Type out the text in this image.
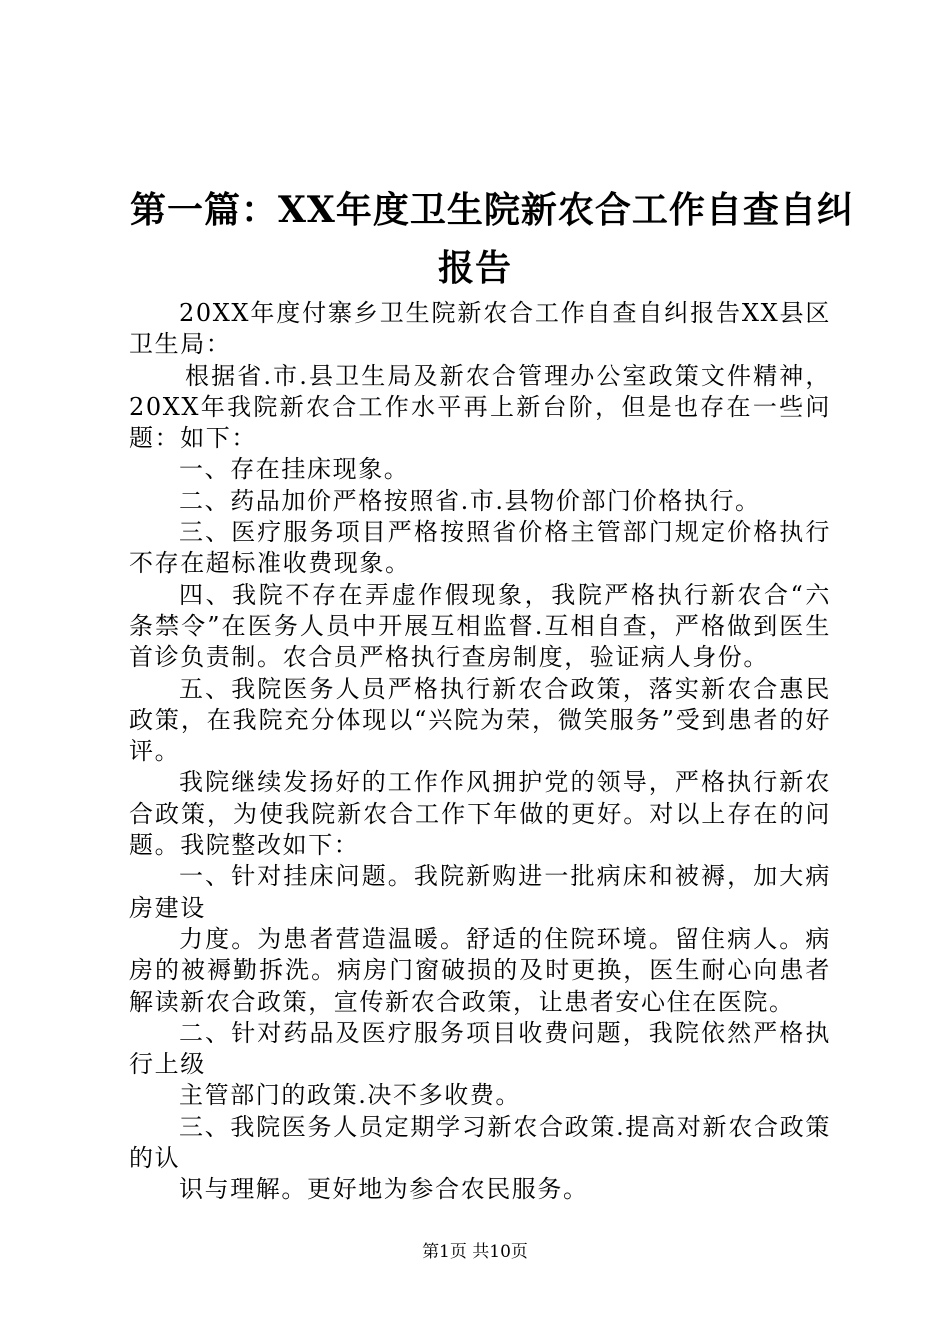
第一篇：XX年度卫生院新农合工作自查自纠
报告

20XX年度付寨乡卫生院新农合工作自查自纠报告XX县区卫生局：

根据省.市.县卫生局及新农合管理办公室政策文件精神，20XX年我院新农合工作水平再上新台阶，但是也存在一些问题：如下：

一、存在挂床现象。

二、药品加价严格按照省.市.县物价部门价格执行。

三、医疗服务项目严格按照省价格主管部门规定价格执行不存在超标准收费现象。

四、我院不存在弄虚作假现象，我院严格执行新农合“六条禁令”在医务人员中开展互相监督.互相自查，严格做到医生首诊负责制。农合员严格执行查房制度，验证病人身份。

五、我院医务人员严格执行新农合政策，落实新农合惠民政策，在我院充分体现以“兴院为荣，微笑服务”受到患者的好评。

我院继续发扬好的工作作风拥护党的领导，严格执行新农合政策，为使我院新农合工作下年做的更好。对以上存在的问题。我院整改如下：

一、针对挂床问题。我院新购进一批病床和被褥，加大病房建设

力度。为患者营造温暖。舒适的住院环境。留住病人。病房的被褥勤拆洗。病房门窗破损的及时更换，医生耐心向患者解读新农合政策，宣传新农合政策，让患者安心住在医院。

二、针对药品及医疗服务项目收费问题，我院依然严格执行上级

主管部门的政策.决不多收费。

三、我院医务人员定期学习新农合政策.提高对新农合政策的认

识与理解。更好地为参合农民服务。

第1页 共10页
